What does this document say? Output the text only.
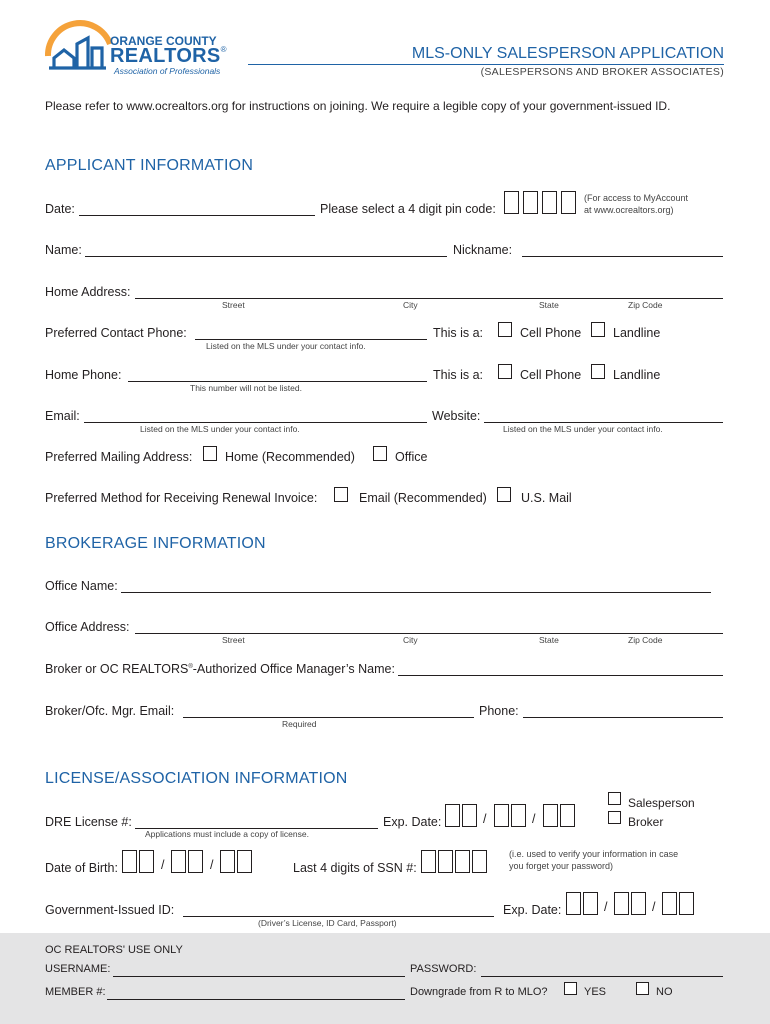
ORANGE COUNTY
REALTORS®
Association of Professionals
MLS-ONLY SALESPERSON APPLICATION
(SALESPERSONS AND BROKER ASSOCIATES)
Please refer to www.ocrealtors.org for instructions on joining. We require a legible copy of your government-issued ID.
APPLICANT INFORMATION
Date:	Please select a 4 digit pin code:
(For access to MyAccount
at www.ocrealtors.org)
Name:	Nickname:
Home Address:
Street	City	State	Zip Code
Preferred Contact Phone:
Listed on the MLS under your contact info.
This is a:	Cell Phone	Landline
Home Phone:
This number will not be listed.
This is a:	Cell Phone	Landline
Email:
Listed on the MLS under your contact info.
Website:
Listed on the MLS under your contact info.
Preferred Mailing Address:	Home (Recommended)	Office
Preferred Method for Receiving Renewal Invoice:	Email (Recommended)	U.S. Mail
BROKERAGE INFORMATION
Office Name:
Office Address:
Street	City	State	Zip Code
Broker or OC REALTORS®-Authorized Office Manager’s Name:
Broker/Ofc. Mgr. Email:
Required
Phone:
LICENSE/ASSOCIATION INFORMATION
Salesperson
Broker
DRE License #:
Applications must include a copy of license.
Exp. Date:	/	/
Date of Birth:	/	/	Last 4 digits of SSN #:
(i.e. used to verify your information in case
you forget your password)
Government-Issued ID:
(Driver’s License, ID Card, Passport)
Exp. Date:	/	/
OC REALTORS' USE ONLY
USERNAME:	PASSWORD:
MEMBER #:	Downgrade from R to MLO?	YES	NO
